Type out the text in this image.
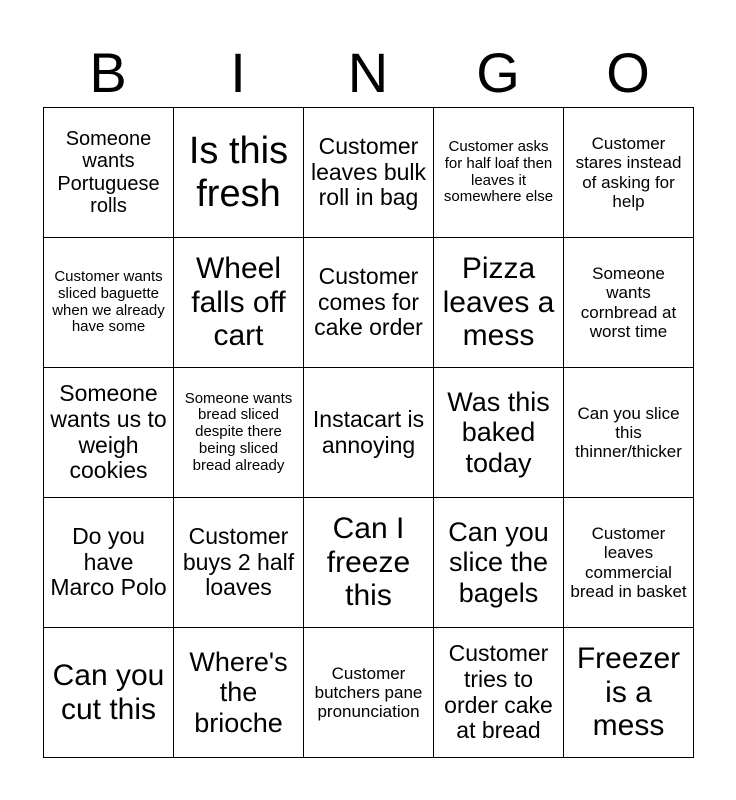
B	I	N	G	O
Someone wants Portuguese rolls	Is this fresh	Customer leaves bulk roll in bag	Customer asks for half loaf then leaves it somewhere else	Customer stares instead of asking for help

Customer wants sliced baguette when we already have some	Wheel falls off cart	Customer comes for cake order	Pizza leaves a mess	Someone wants cornbread at worst time

Someone wants us to weigh cookies	Someone wants bread sliced despite there being sliced bread already	Instacart is annoying	Was this baked today	Can you slice this thinner/thicker

Do you have Marco Polo	Customer buys 2 half loaves	Can I freeze this	Can you slice the bagels	Customer leaves commercial bread in basket

Can you cut this	Where's the brioche	Customer butchers pane pronunciation	Customer tries to order cake at bread	Freezer is a mess
